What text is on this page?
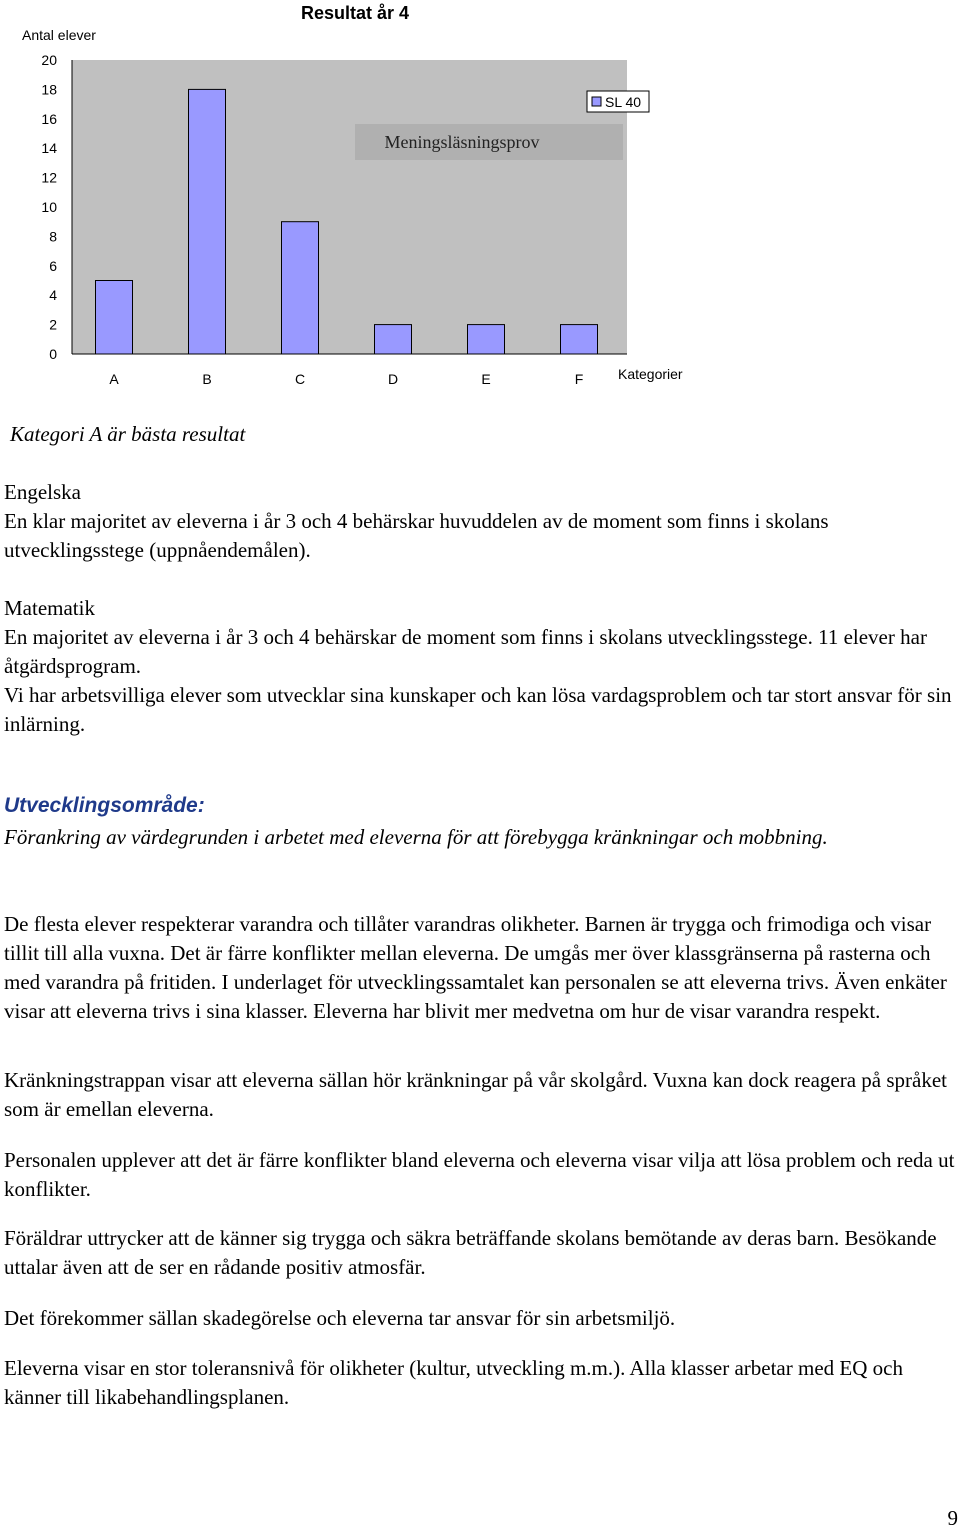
Resultat år 4
Antal elever
Meningsläsningsprov
0
2
4
6
8
10
12
14
16
18
20
A	B	C	D	E	F Kategorier
SL 40
Kategori A är bästa resultat
Engelska
En klar majoritet av eleverna i år 3 och 4 behärskar huvuddelen av de moment som finns i skolans utvecklingsstege (uppnåendemålen).
Matematik
En majoritet av eleverna i år 3 och 4 behärskar de moment som finns i skolans utvecklingsstege. 11 elever har åtgärdsprogram.
Vi har arbetsvilliga elever som utvecklar sina kunskaper och kan lösa vardagsproblem och tar stort ansvar för sin inlärning.
Utvecklingsområde:
Förankring av värdegrunden i arbetet med eleverna för att förebygga kränkningar och mobbning.
De flesta elever respekterar varandra och tillåter varandras olikheter. Barnen är trygga och frimodiga och visar tillit till alla vuxna. Det är färre konflikter mellan eleverna. De umgås mer över klassgränserna på rasterna och med varandra på fritiden. I underlaget för utvecklingssamtalet kan personalen se att eleverna trivs. Även enkäter visar att eleverna trivs i sina klasser. Eleverna har blivit mer medvetna om hur de visar varandra respekt.
Kränkningstrappan visar att eleverna sällan hör kränkningar på vår skolgård. Vuxna kan dock reagera på språket som är emellan eleverna.
Personalen upplever att det är färre konflikter bland eleverna och eleverna visar vilja att lösa problem och reda ut konflikter.
Föräldrar uttrycker att de känner sig trygga och säkra beträffande skolans bemötande av deras barn. Besökande uttalar även att de ser en rådande positiv atmosfär.
Det förekommer sällan skadegörelse och eleverna tar ansvar för sin arbetsmiljö.
Eleverna visar en stor toleransnivå för olikheter (kultur, utveckling m.m.). Alla klasser arbetar med EQ och känner till likabehandlingsplanen.
9
